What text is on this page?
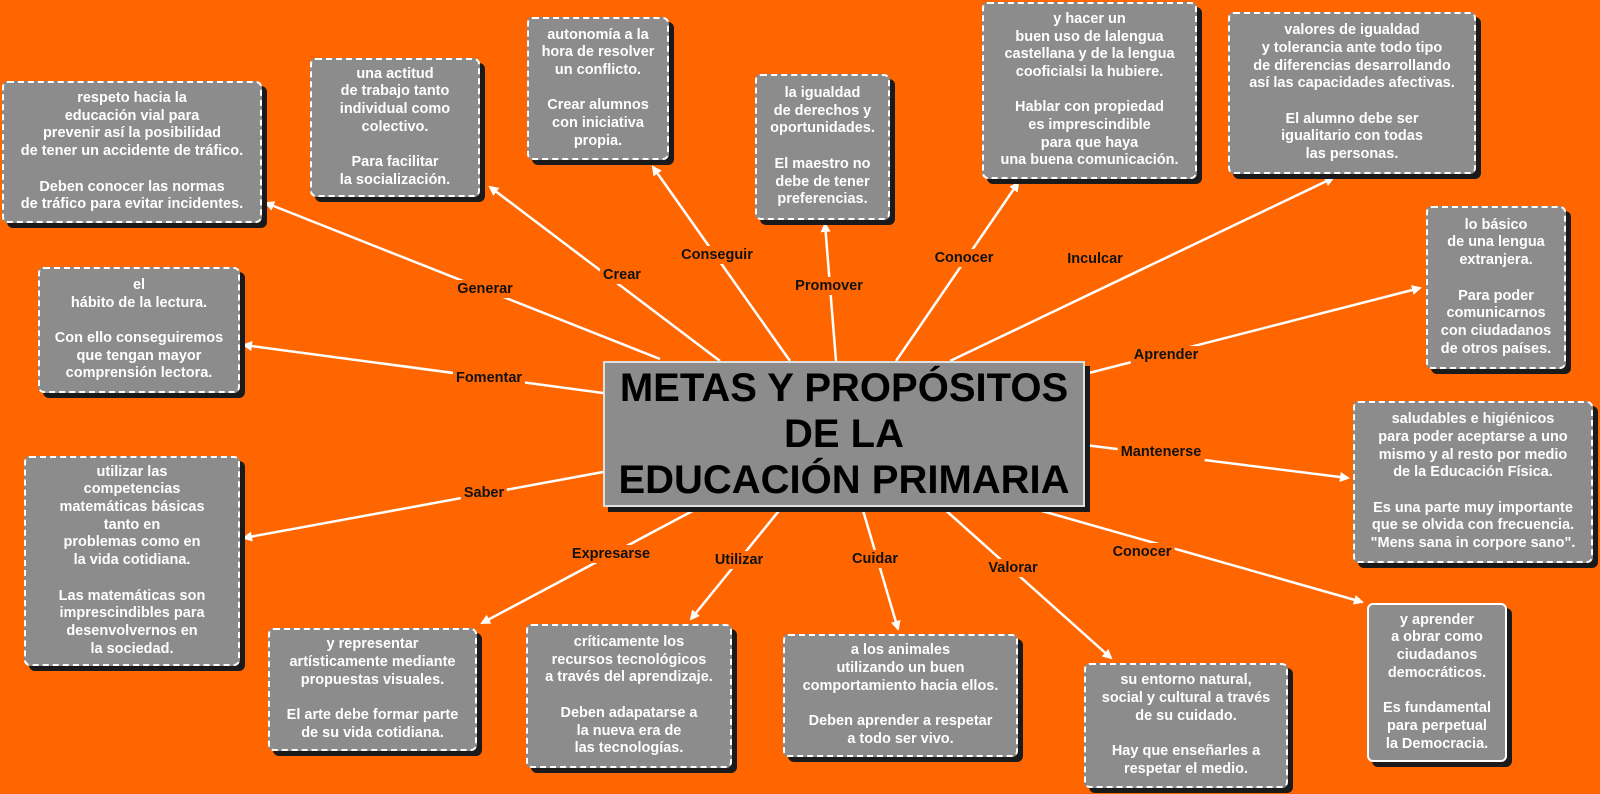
METAS Y PROPÓSITOS
DE LA
EDUCACIÓN PRIMARIA
Generar
respeto hacia la
educación vial para
prevenir así la posibilidad
de tener un accidente de tráfico.

Deben conocer las normas
de tráfico para evitar incidentes.
Fomentar
el
hábito de la lectura.

Con ello conseguiremos
que tengan mayor
comprensión lectora.
Saber
utilizar las
competencias
matemáticas básicas
tanto en
problemas como en
la vida cotidiana.

Las matemáticas son
imprescindibles para
desenvolvernos en
la sociedad.
Crear
una actitud
de trabajo tanto
individual como
colectivo.

Para facilitar
la socialización.
Conseguir
autonomía a la
hora de resolver
un conflicto.

Crear alumnos
con iniciativa
propia.
Promover
la igualdad
de derechos y
oportunidades.

El maestro no
debe de tener
preferencias.
Conocer
y hacer un
buen uso de lalengua
castellana y de la lengua
cooficialsi la hubiere.

Hablar con propiedad
es imprescindible
para que haya
una buena comunicación.
Inculcar
valores de igualdad
y tolerancia ante todo tipo
de diferencias desarrollando
así las capacidades afectivas.

El alumno debe ser
igualitario con todas
las personas.
Aprender
lo básico
de una lengua
extranjera.

Para poder
comunicarnos
con ciudadanos
de otros países.
Mantenerse
saludables e higiénicos
para poder aceptarse a uno
mismo y al resto por medio
de la Educación Física.

Es una parte muy importante
que se olvida con frecuencia.
"Mens sana in corpore sano".
Conocer
y aprender
a obrar como
ciudadanos
democráticos.

Es fundamental
para perpetual
la Democracia.
Valorar
su entorno natural,
social y cultural a través
de su cuidado.

Hay que enseñarles a
respetar el medio.
Cuidar
a los animales
utilizando un buen
comportamiento hacia ellos.

Deben aprender a respetar
a todo ser vivo.
Utilizar
críticamente los
recursos tecnológicos
a través del aprendizaje.

Deben adapatarse a
la nueva era de
las tecnologías.
Expresarse
y representar
artísticamente mediante
propuestas visuales.

El arte debe formar parte
de su vida cotidiana.
